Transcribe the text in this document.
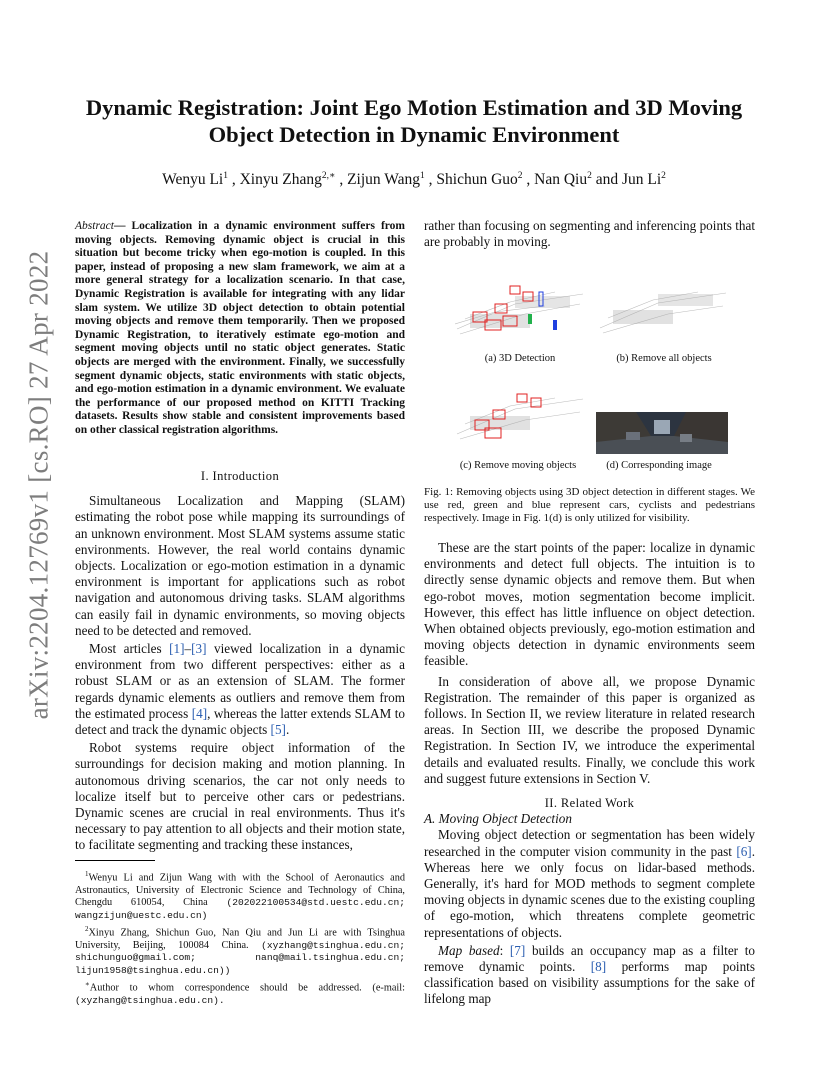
arXiv:2204.12769v1 [cs.RO] 27 Apr 2022
Dynamic Registration: Joint Ego Motion Estimation and 3D Moving
Object Detection in Dynamic Environment
Wenyu Li$^1$ , Xinyu Zhang$^{2,∗}$ , Zijun Wang$^1$ , Shichun Guo$^2$ , Nan Qiu$^2$ and Jun Li$^2$

Abstract— Localization in a dynamic environment suffers from moving objects. Removing dynamic object is crucial in this situation but become tricky when ego-motion is coupled. In this paper, instead of proposing a new slam framework, we aim at a more general strategy for a localization scenario. In that case, Dynamic Registration is available for integrating with any lidar slam system. We utilize 3D object detection to obtain potential moving objects and remove them temporarily. Then we proposed Dynamic Registration, to iteratively estimate ego-motion and segment moving objects until no static object generates. Static objects are merged with the environment. Finally, we successfully segment dynamic objects, static environments with static objects, and ego-motion estimation in a dynamic environment. We evaluate the performance of our proposed method on KITTI Tracking datasets. Results show stable and consistent improvements based on other classical registration algorithms.

I. Introduction

Simultaneous Localization and Mapping (SLAM) estimating the robot pose while mapping its surroundings of an unknown environment. Most SLAM systems assume static environments. However, the real world contains dynamic objects. Localization or ego-motion estimation in a dynamic environment is important for applications such as robot navigation and autonomous driving tasks. SLAM algorithms can easily fail in dynamic environments, so moving objects need to be detected and removed.

Most articles [1]–[3] viewed localization in a dynamic environment from two different perspectives: either as a robust SLAM or as an extension of SLAM. The former regards dynamic elements as outliers and remove them from the estimated process [4], whereas the latter extends SLAM to detect and track the dynamic objects [5].

Robot systems require object information of the surroundings for decision making and motion planning. In autonomous driving scenarios, the car not only needs to localize itself but to perceive other cars or pedestrians. Dynamic scenes are crucial in real environments. Thus it's necessary to pay attention to all objects and their motion state, to facilitate segmenting and tracking these instances,

$^1$Wenyu Li and Zijun Wang with with the School of Aeronautics and Astronautics, University of Electronic Science and Technology of China, Chengdu 610054, China (202022100534@std.uestc.edu.cn; wangzijun@uestc.edu.cn)

$^2$Xinyu Zhang, Shichun Guo, Nan Qiu and Jun Li are with Tsinghua University, Beijing, 100084 China. (xyzhang@tsinghua.edu.cn; shichunguo@gmail.com; nanq@mail.tsinghua.edu.cn; lijun1958@tsinghua.edu.cn))

∗Author to whom correspondence should be addressed. (e-mail: (xyzhang@tsinghua.edu.cn).

rather than focusing on segmenting and inferencing points that are probably in moving.

(a) 3D Detection	(b) Remove all objects
(c) Remove moving objects	(d) Corresponding image
Fig. 1: Removing objects using 3D object detection in different stages. We use red, green and blue represent cars, cyclists and pedestrians respectively. Image in Fig. 1(d) is only utilized for visibility.

These are the start points of the paper: localize in dynamic environments and detect full objects. The intuition is to directly sense dynamic objects and remove them. But when ego-robot moves, motion segmentation become implicit. However, this effect has little influence on object detection. When obtained objects previously, ego-motion estimation and moving objects detection in dynamic environments seem feasible.

In consideration of above all, we propose Dynamic Registration. The remainder of this paper is organized as follows. In Section II, we review literature in related research areas. In Section III, we describe the proposed Dynamic Registration. In Section IV, we introduce the experimental details and evaluated results. Finally, we conclude this work and suggest future extensions in Section V.

II. Related Work

A. Moving Object Detection

Moving object detection or segmentation has been widely researched in the computer vision community in the past [6]. Whereas here we only focus on lidar-based methods. Generally, it's hard for MOD methods to segment complete moving objects in dynamic scenes due to the existing coupling of ego-motion, which threatens complete geometric representations of objects.

Map based: [7] builds an occupancy map as a filter to remove dynamic points. [8] performs map points classification based on visibility assumptions for the sake of lifelong map
